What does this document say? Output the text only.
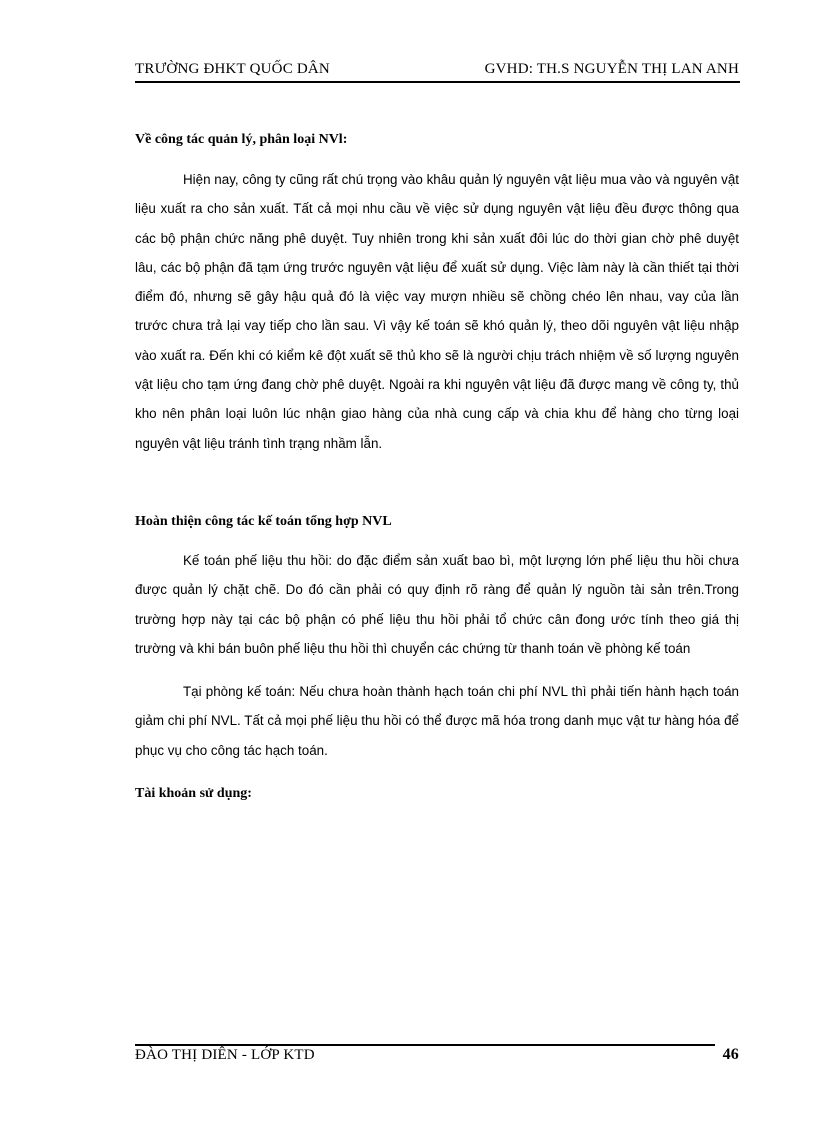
TRƯỜNG ĐHKT QUỐC DÂN	GVHD: TH.S NGUYỄN THỊ LAN ANH

Về công tác quản lý, phân loại NVl:

Hiện nay, công ty cũng rất chú trọng vào khâu quản lý nguyên vật liệu mua vào và nguyên vật liệu xuất ra cho sản xuất. Tất cả mọi nhu cầu về việc sử dụng nguyên vật liệu đều được thông qua các bộ phận chức năng phê duyệt. Tuy nhiên trong khi sản xuất đôi lúc do thời gian chờ phê duyệt lâu, các bộ phận đã tạm ứng trước nguyên vật liệu để xuất sử dụng. Việc làm này là cần thiết tại thời điểm đó, nhưng sẽ gây hậu quả đó là việc vay mượn nhiều sẽ chồng chéo lên nhau, vay của lần trước chưa trả lại vay tiếp cho lần sau. Vì vậy kế toán sẽ khó quản lý, theo dõi nguyên vật liệu nhập vào xuất ra. Đến khi có kiểm kê đột xuất sẽ thủ kho sẽ là người chịu trách nhiệm về số lượng nguyên vật liệu cho tạm ứng đang chờ phê duyệt. Ngoài ra khi nguyên vật liệu đã được mang về công ty, thủ kho nên phân loại luôn lúc nhận giao hàng của nhà cung cấp và chia khu để hàng cho từng loại nguyên vật liệu tránh tình trạng nhầm lẫn.

Hoàn thiện công tác kế toán tổng hợp NVL

Kế toán phế liệu thu hồi: do đặc điểm sản xuất bao bì, một lượng lớn phế liệu thu hồi chưa được quản lý chặt chẽ. Do đó cần phải có quy định rõ ràng để quản lý nguồn tài sản trên.Trong trường hợp này tại các bộ phận có phế liệu thu hồi phải tổ chức cân đong ước tính theo giá thị trường và khi bán buôn phế liệu thu hồi thì chuyển các chứng từ thanh toán về phòng kế toán

Tại phòng kế toán: Nếu chưa hoàn thành hạch toán chi phí NVL thì phải tiến hành hạch toán giảm chi phí NVL. Tất cả mọi phế liệu thu hồi có thể được mã hóa trong danh mục vật tư hàng hóa để phục vụ cho công tác hạch toán.

Tài khoản sử dụng:

ĐÀO THỊ DIÊN - LỚP KTD	46
